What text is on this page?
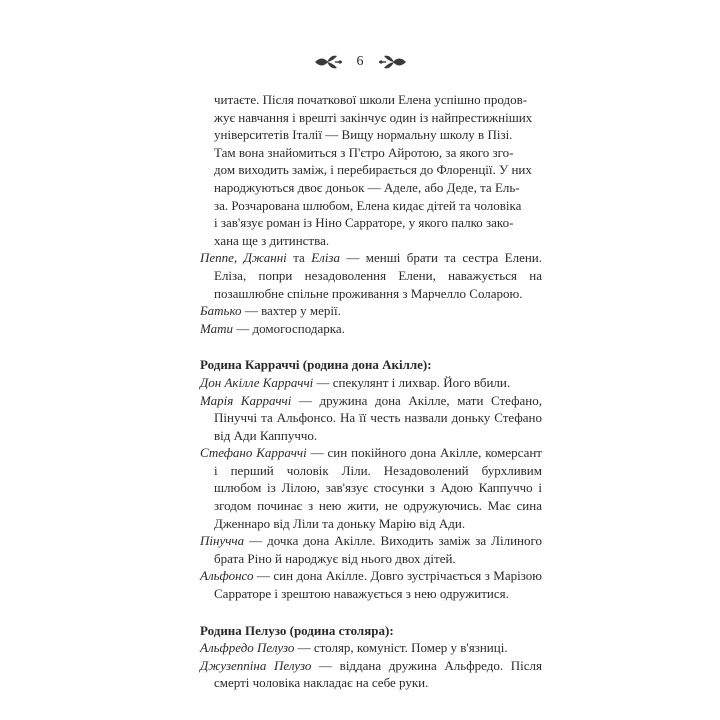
6
читаєте. Після початкової школи Елена успішно продов-
жує навчання і врешті закінчує один із найпрестижніших
університетів Італії — Вищу нормальну школу в Пізі.
Там вона знайомиться з П'єтро Айротою, за якого зго-
дом виходить заміж, і перебирається до Флоренції. У них
народжуються двоє доньок — Аделе, або Деде, та Ель-
за. Розчарована шлюбом, Елена кидає дітей та чоловіка
і зав'язує роман із Ніно Сарраторе, у якого палко зако-
хана ще з дитинства.

Пеппе, Джанні та Еліза — менші брати та сестра Елени. Еліза, попри незадоволення Елени, наважується на позашлюбне спільне проживання з Марчелло Соларою.

Батько — вахтер у мерії.

Мати — домогосподарка.

Родина Карраччі (родина дона Акілле):

Дон Акілле Карраччі — спекулянт і лихвар. Його вбили.

Марія Карраччі — дружина дона Акілле, мати Стефано, Пінуччі та Альфонсо. На її честь назвали доньку Стефано від Ади Каппуччо.

Стефано Карраччі — син покійного дона Акілле, комерсант і перший чоловік Ліли. Незадоволений бурхливим шлюбом із Лілою, зав'язує стосунки з Адою Каппуччо і згодом починає з нею жити, не одружуючись. Має сина Дженнаро від Ліли та доньку Марію від Ади.

Пінучча — дочка дона Акілле. Виходить заміж за Лілиного брата Ріно й народжує від нього двох дітей.

Альфонсо — син дона Акілле. Довго зустрічається з Марізою Сарраторе і зрештою наважується з нею одружитися.

Родина Пелузо (родина столяра):

Альфредо Пелузо — столяр, комуніст. Помер у в'язниці.

Джузеппіна Пелузо — віддана дружина Альфредо. Після смерті чоловіка накладає на себе руки.
